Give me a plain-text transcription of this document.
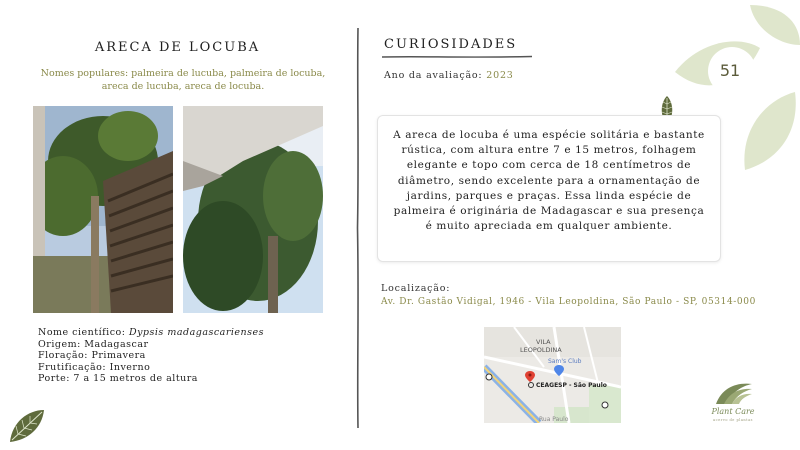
51
ARECA DE LOCUBA
Nomes populares: palmeira de lucuba, palmeira de locuba, areca de lucuba, areca de locuba.
Nome científico: Dypsis madagascarienses
Origem: Madagascar
Floração: Primavera
Frutificação: Inverno
Porte: 7 a 15 metros de altura
CURIOSIDADES
Ano da avaliação: 2023

A areca de locuba é uma espécie solitária e bastante rústica, com altura entre 7 e 15 metros, folhagem elegante e topo com cerca de 18 centímetros de diâmetro, sendo excelente para a ornamentação de jardins, parques e praças. Essa linda espécie de palmeira é originária de Madagascar e sua presença é muito apreciada em qualquer ambiente.

Localização:
Av. Dr. Gastão Vidigal, 1946 - Vila Leopoldina, São Paulo - SP, 05314-000
VILA
LEOPOLDINA
Sam's Club
CEAGESP - São Paulo
Rua Paulo
Plant Care
acervo de plantas
